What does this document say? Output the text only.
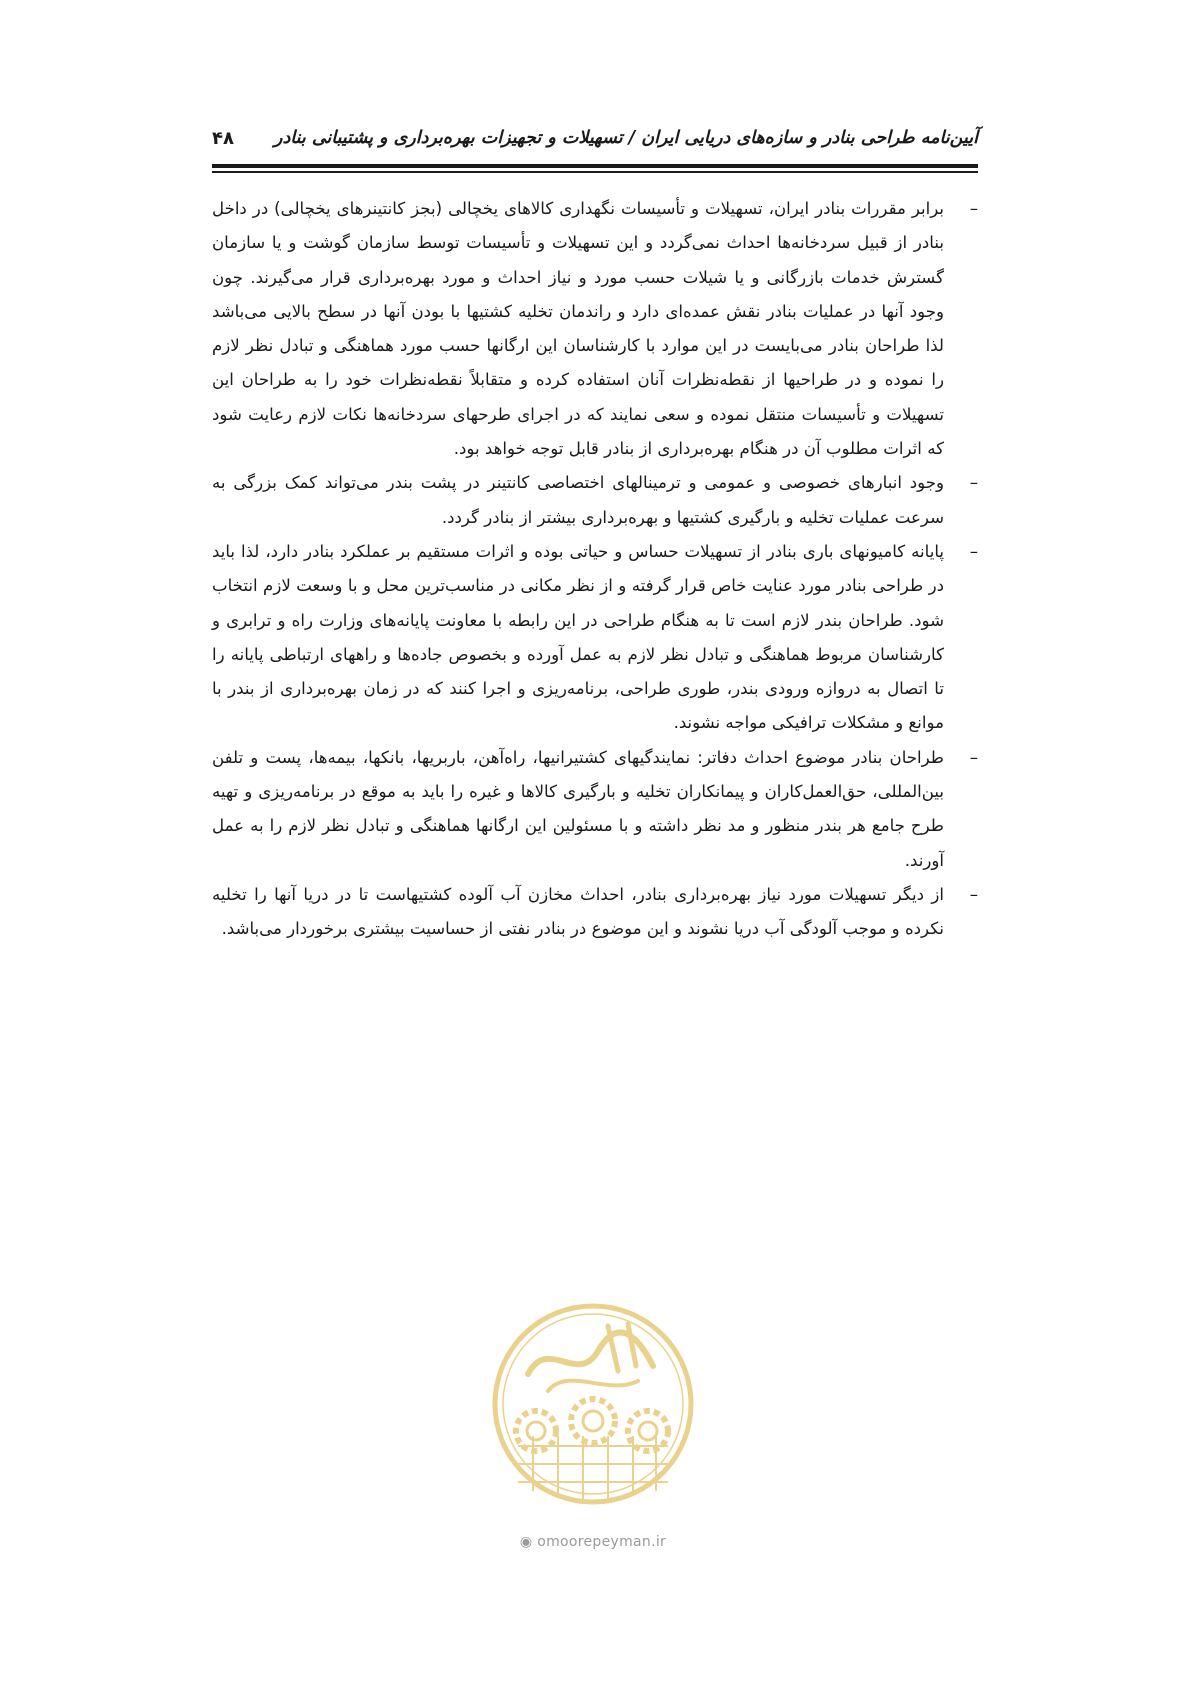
آیین‌نامه طراحی بنادر و سازه‌های دریایی ایران / تسهیلات و تجهیزات بهره‌برداری و پشتیبانی بنادر
۴۸
–
برابر مقررات بنادر ایران، تسهیلات و تأسیسات نگهداری کالاهای یخچالی (بجز کانتینرهای یخچالی) در داخل بنادر از قبیل سردخانه‌ها احداث نمی‌گردد و این تسهیلات و تأسیسات توسط سازمان گوشت و یا سازمان گسترش خدمات بازرگانی و یا شیلات حسب مورد و نیاز احداث و مورد بهره‌برداری قرار می‌گیرند. چون وجود آنها در عملیات بنادر نقش عمده‌ای دارد و راندمان تخلیه کشتیها با بودن آنها در سطح بالایی می‌باشد لذا طراحان بنادر می‌بایست در این موارد با کارشناسان این ارگانها حسب مورد هماهنگی و تبادل نظر لازم را نموده و در طراحیها از نقطه‌نظرات آنان استفاده کرده و متقابلاً نقطه‌نظرات خود را به طراحان این تسهیلات و تأسیسات منتقل نموده و سعی نمایند که در اجرای طرحهای سردخانه‌ها نکات لازم رعایت شود که اثرات مطلوب آن در هنگام بهره‌برداری از بنادر قابل توجه خواهد بود.
–
وجود انبارهای خصوصی و عمومی و ترمینالهای اختصاصی کانتینر در پشت بندر می‌تواند کمک بزرگی به سرعت عملیات تخلیه و بارگیری کشتیها و بهره‌برداری بیشتر از بنادر گردد.
–
پایانه کامیونهای باری بنادر از تسهیلات حساس و حیاتی بوده و اثرات مستقیم بر عملکرد بنادر دارد، لذا باید در طراحی بنادر مورد عنایت خاص قرار گرفته و از نظر مکانی در مناسب‌ترین محل و با وسعت لازم انتخاب شود. طراحان بندر لازم است تا به هنگام طراحی در این رابطه با معاونت پایانه‌های وزارت راه و ترابری و کارشناسان مربوط هماهنگی و تبادل نظر لازم به عمل آورده و بخصوص جاده‌ها و راههای ارتباطی پایانه را تا اتصال به دروازه ورودی بندر، طوری طراحی، برنامه‌ریزی و اجرا کنند که در زمان بهره‌برداری از بندر با موانع و مشکلات ترافیکی مواجه نشوند.
–
طراحان بنادر موضوع احداث دفاتر: نمایندگیهای کشتیرانیها، راه‌آهن، باربریها، بانکها، بیمه‌ها، پست و تلفن بین‌المللی، حق‌العمل‌کاران و پیمانکاران تخلیه و بارگیری کالاها و غیره را باید به موقع در برنامه‌ریزی و تهیه طرح جامع هر بندر منظور و مد نظر داشته و با مسئولین این ارگانها هماهنگی و تبادل نظر لازم را به عمل آورند.
–
از دیگر تسهیلات مورد نیاز بهره‌برداری بنادر، احداث مخازن آب آلوده کشتیهاست تا در دریا آنها را تخلیه نکرده و موجب آلودگی آب دریا نشوند و این موضوع در بنادر نفتی از حساسیت بیشتری برخوردار می‌باشد.
◉ omoorepeyman.ir
